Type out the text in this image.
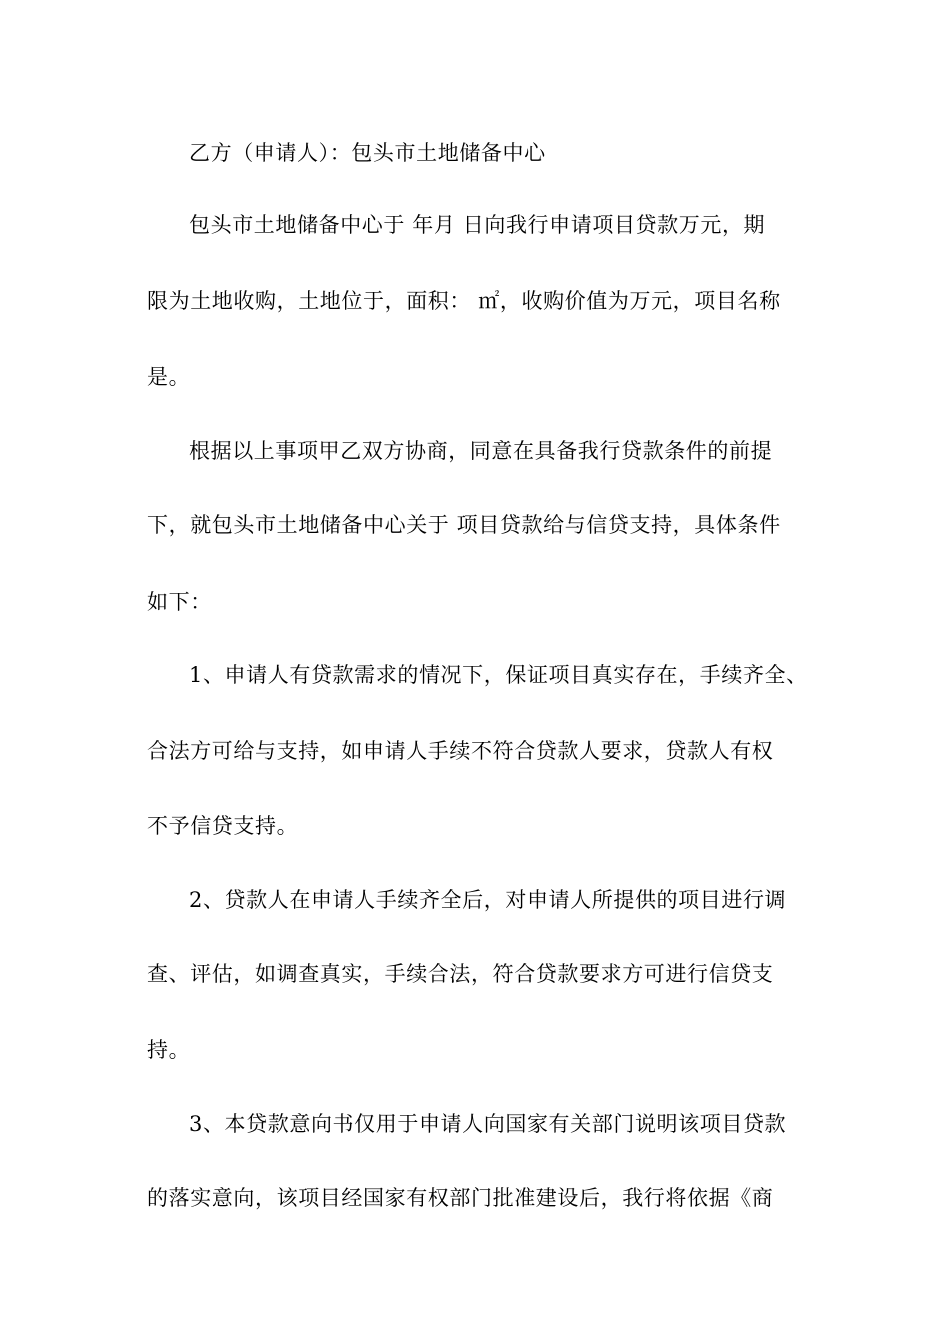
乙方（申请人）：包头市土地储备中心
包头市土地储备中心于 年月 日向我行申请项目贷款万元，期
限为土地收购，土地位于，面积： ㎡，收购价值为万元，项目名称
是。
根据以上事项甲乙双方协商，同意在具备我行贷款条件的前提
下，就包头市土地储备中心关于 项目贷款给与信贷支持，具体条件
如下：
1、申请人有贷款需求的情况下，保证项目真实存在，手续齐全、
合法方可给与支持，如申请人手续不符合贷款人要求，贷款人有权
不予信贷支持。
2、贷款人在申请人手续齐全后，对申请人所提供的项目进行调
查、评估，如调查真实，手续合法，符合贷款要求方可进行信贷支
持。
3、本贷款意向书仅用于申请人向国家有关部门说明该项目贷款
的落实意向，该项目经国家有权部门批准建设后，我行将依据《商
